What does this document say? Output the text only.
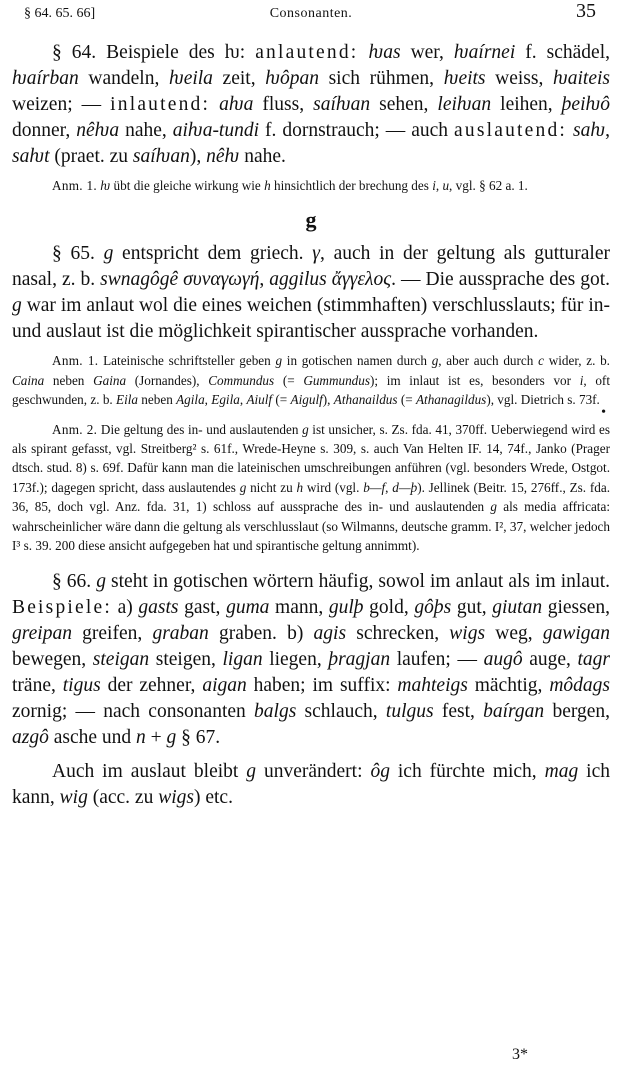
§ 64. 65. 66]	Consonanten.	35

§ 64. Beispiele des ƕ: anlautend: ƕas wer, ƕaírnei f. schädel, ƕaírban wandeln, ƕeila zeit, ƕôpan sich rühmen, ƕeits weiss, ƕaiteis weizen; — inlautend: aƕa fluss, saíƕan sehen, leiƕan leihen, þeiƕô donner, nêƕa nahe, aiƕa-tundi f. dornstrauch; — auch auslautend: saƕ, saƕt (praet. zu saíƕan), nêƕ nahe.

Anm. 1. ƕ übt die gleiche wirkung wie h hinsichtlich der brechung des i, u, vgl. § 62 a. 1.

g

§ 65. g entspricht dem griech. γ, auch in der geltung als gutturaler nasal, z. b. swnagôgê συναγωγή, aggilus ἄγγελος. — Die aussprache des got. g war im anlaut wol die eines weichen (stimmhaften) verschlusslauts; für in- und auslaut ist die möglichkeit spirantischer aussprache vorhanden.

Anm. 1. Lateinische schriftsteller geben g in gotischen namen durch g, aber auch durch c wider, z. b. Caina neben Gaina (Jornandes), Commundus (= Gummundus); im inlaut ist es, besonders vor i, oft geschwunden, z. b. Eila neben Agila, Egila, Aiulf (= Aigulf), Athanaildus (= Athanagildus), vgl. Dietrich s. 73f.

Anm. 2. Die geltung des in- und auslautenden g ist unsicher, s. Zs. fda. 41, 370ff. Ueberwiegend wird es als spirant gefasst, vgl. Streitberg² s. 61f., Wrede-Heyne s. 309, s. auch Van Helten IF. 14, 74f., Janko (Prager dtsch. stud. 8) s. 69f. Dafür kann man die lateinischen umschreibungen anführen (vgl. besonders Wrede, Ostgot. 173f.); dagegen spricht, dass auslautendes g nicht zu h wird (vgl. b—f, d—þ). Jellinek (Beitr. 15, 276ff., Zs. fda. 36, 85, doch vgl. Anz. fda. 31, 1) schloss auf aussprache des in- und auslautenden g als media affricata: wahrscheinlicher wäre dann die geltung als verschlusslaut (so Wilmanns, deutsche gramm. I², 37, welcher jedoch I³ s. 39. 200 diese ansicht aufgegeben hat und spirantische geltung annimmt).

§ 66. g steht in gotischen wörtern häufig, sowol im anlaut als im inlaut. Beispiele: a) gasts gast, guma mann, gulþ gold, gôþs gut, giutan giessen, greipan greifen, graban graben. b) agis schrecken, wigs weg, gawigan bewegen, steigan steigen, ligan liegen, þragjan laufen; — augô auge, tagr träne, tigus der zehner, aigan haben; im suffix: mahteigs mächtig, môdags zornig; — nach consonanten balgs schlauch, tulgus fest, baírgan bergen, azgô asche und n + g § 67.

Auch im auslaut bleibt g unverändert: ôg ich fürchte mich, mag ich kann, wig (acc. zu wigs) etc.

•
3*
